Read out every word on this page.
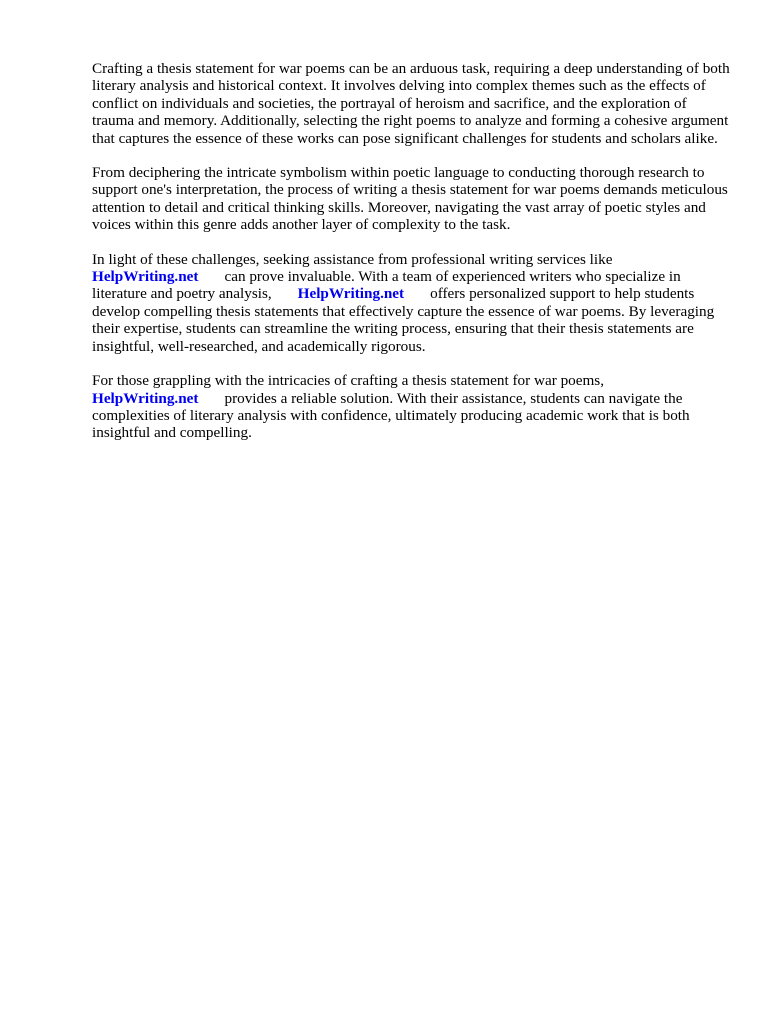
Crafting a thesis statement for war poems can be an arduous task, requiring a deep understanding of both literary analysis and historical context. It involves delving into complex themes such as the effects of conflict on individuals and societies, the portrayal of heroism and sacrifice, and the exploration of trauma and memory. Additionally, selecting the right poems to analyze and forming a cohesive argument that captures the essence of these works can pose significant challenges for students and scholars alike.

From deciphering the intricate symbolism within poetic language to conducting thorough research to support one's interpretation, the process of writing a thesis statement for war poems demands meticulous attention to detail and critical thinking skills. Moreover, navigating the vast array of poetic styles and voices within this genre adds another layer of complexity to the task.

In light of these challenges, seeking assistance from professional writing services like
HelpWriting.net can prove invaluable. With a team of experienced writers who specialize in literature and poetry analysis, HelpWriting.net offers personalized support to help students develop compelling thesis statements that effectively capture the essence of war poems. By leveraging their expertise, students can streamline the writing process, ensuring that their thesis statements are insightful, well-researched, and academically rigorous.

For those grappling with the intricacies of crafting a thesis statement for war poems,
HelpWriting.net provides a reliable solution. With their assistance, students can navigate the complexities of literary analysis with confidence, ultimately producing academic work that is both insightful and compelling.
